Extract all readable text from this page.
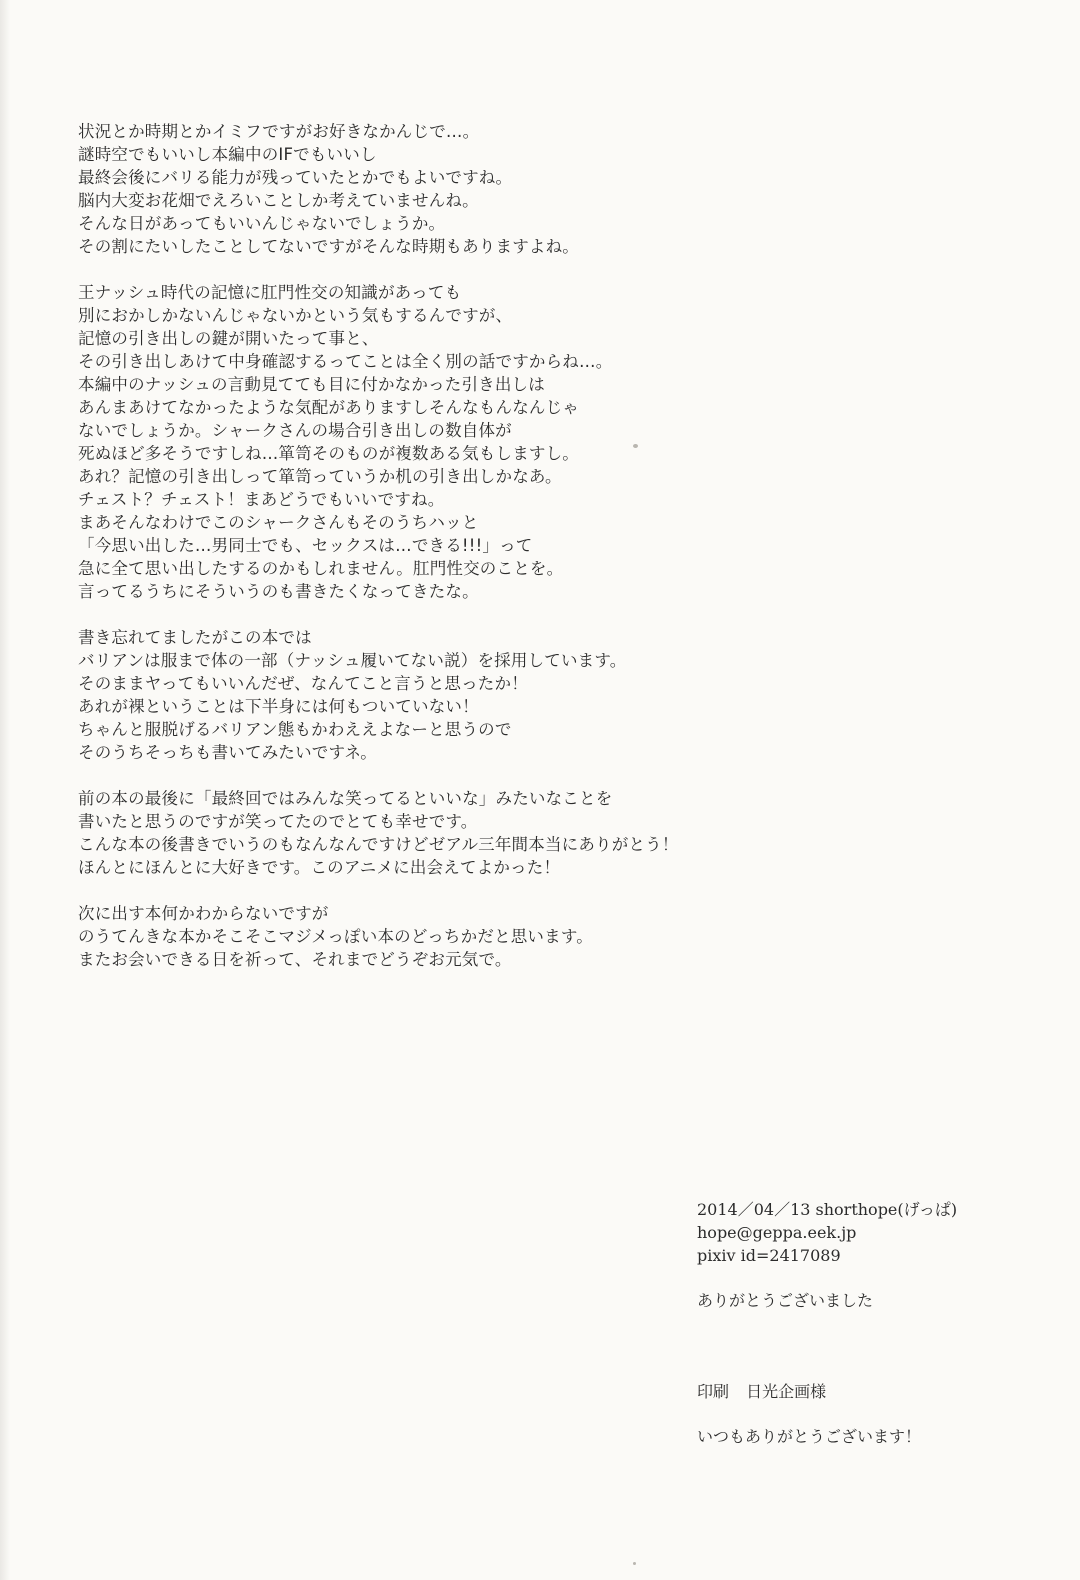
状況とか時期とかイミフですがお好きなかんじで…。
謎時空でもいいし本編中のIFでもいいし
最終会後にバリる能力が残っていたとかでもよいですね。
脳内大変お花畑でえろいことしか考えていませんね。
そんな日があってもいいんじゃないでしょうか。
その割にたいしたことしてないですがそんな時期もありますよね。
王ナッシュ時代の記憶に肛門性交の知識があっても
別におかしかないんじゃないかという気もするんですが、
記憶の引き出しの鍵が開いたって事と、
その引き出しあけて中身確認するってことは全く別の話ですからね…。
本編中のナッシュの言動見てても目に付かなかった引き出しは
あんまあけてなかったような気配がありますしそんなもんなんじゃ
ないでしょうか。シャークさんの場合引き出しの数自体が
死ぬほど多そうですしね…箪笥そのものが複数ある気もしますし。
あれ？記憶の引き出しって箪笥っていうか机の引き出しかなあ。
チェスト？チェスト！まあどうでもいいですね。
まあそんなわけでこのシャークさんもそのうちハッと
「今思い出した…男同士でも、セックスは…できる!!!」って
急に全て思い出したするのかもしれません。肛門性交のことを。
言ってるうちにそういうのも書きたくなってきたな。
書き忘れてましたがこの本では
バリアンは服まで体の一部（ナッシュ履いてない説）を採用しています。
そのままヤってもいいんだぜ、なんてこと言うと思ったか！
あれが裸ということは下半身には何もついていない！
ちゃんと服脱げるバリアン態もかわええよなーと思うので
そのうちそっちも書いてみたいですネ。
前の本の最後に「最終回ではみんな笑ってるといいな」みたいなことを
書いたと思うのですが笑ってたのでとても幸せです。
こんな本の後書きでいうのもなんなんですけどゼアル三年間本当にありがとう！
ほんとにほんとに大好きです。このアニメに出会えてよかった！
次に出す本何かわからないですが
のうてんきな本かそこそこマジメっぽい本のどっちかだと思います。
またお会いできる日を祈って、それまでどうぞお元気で。
2014／04／13 shorthope(げっぱ)
hope@geppa.eek.jp
pixiv id=2417089
ありがとうございました
印刷 日光企画様
いつもありがとうございます！
